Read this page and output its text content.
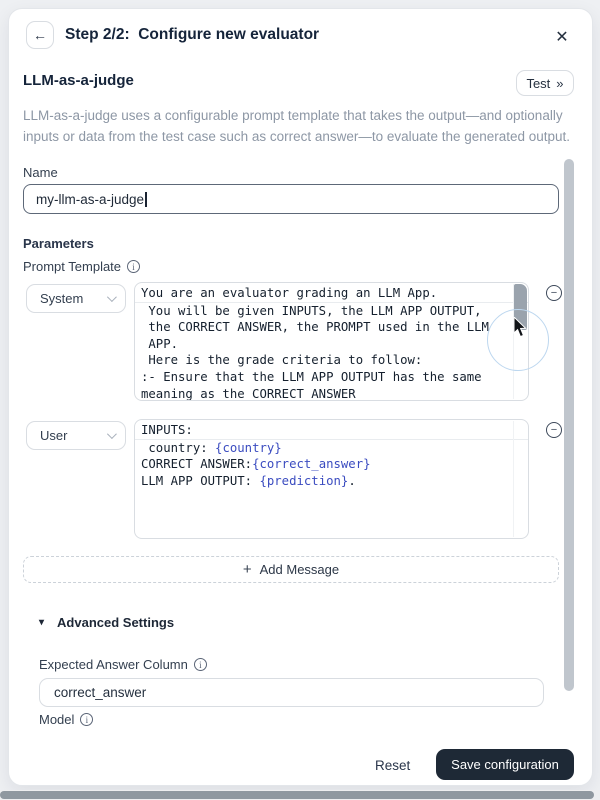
← Step 2/2:  Configure new evaluator	✕
LLM-as-a-judge	Test »
LLM-as-a-judge uses a configurable prompt template that takes the output—and optionally inputs or data from the test case such as correct answer—to evaluate the generated output.
Name
my-llm-as-a-judge
Parameters
Prompt Template	i
System	You are an evaluator grading an LLM App.
You will be given INPUTS, the LLM APP OUTPUT,
the CORRECT ANSWER, the PROMPT used in the LLM
APP.
Here is the grade criteria to follow:
:- Ensure that the LLM APP OUTPUT has the same
meaning as the CORRECT ANSWER
−
User	INPUTS:
country: {country}
CORRECT ANSWER:{correct_answer}
LLM APP OUTPUT: {prediction}.
−
+ Add Message
▾ Advanced Settings
Expected Answer Column	i
correct_answer
Model	i
Reset	Save configuration
